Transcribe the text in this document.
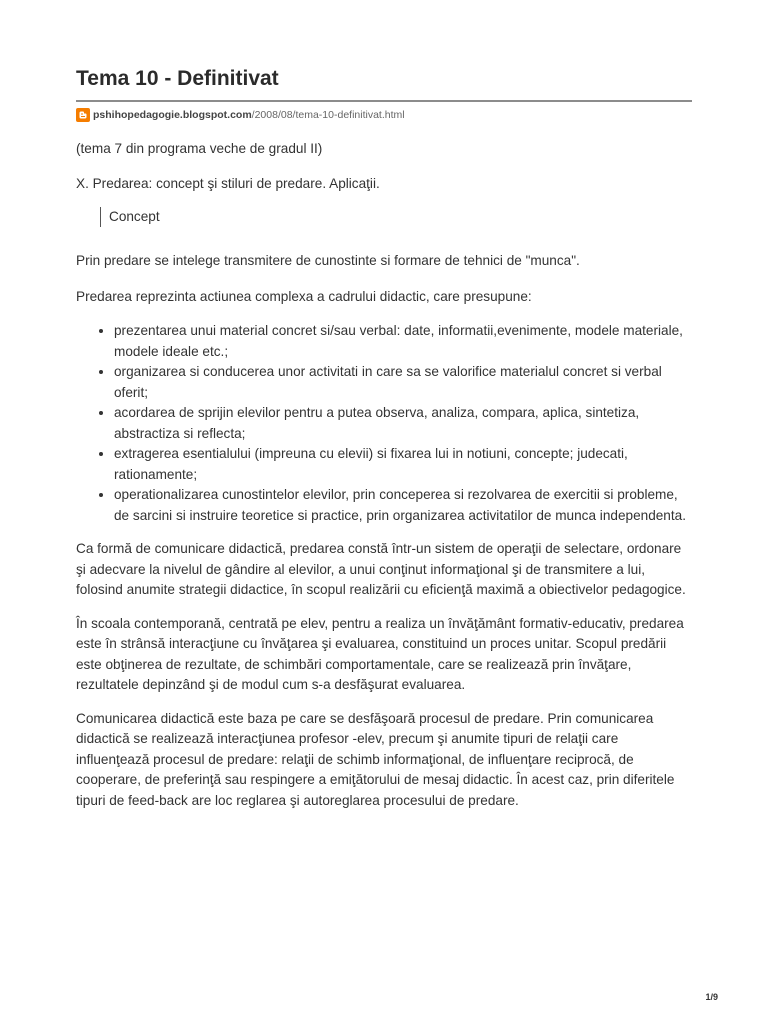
Tema 10 - Definitivat
pshihopedagogie.blogspot.com /2008/08/tema-10-definitivat.html

(tema 7 din programa veche de gradul II)

X. Predarea: concept şi stiluri de predare. Aplicaţii.

Concept

Prin predare se intelege transmitere de cunostinte si formare de tehnici de "munca".

Predarea reprezinta actiunea complexa a cadrului didactic, care presupune:

• prezentarea unui material concret si/sau verbal: date, informatii,evenimente, modele materiale, modele ideale etc.;
• organizarea si conducerea unor activitati in care sa se valorifice materialul concret si verbal oferit;
• acordarea de sprijin elevilor pentru a putea observa, analiza, compara, aplica, sintetiza, abstractiza si reflecta;
• extragerea esentialului (impreuna cu elevii) si fixarea lui in notiuni, concepte; judecati, rationamente;
• operationalizarea cunostintelor elevilor, prin conceperea si rezolvarea de exercitii si probleme, de sarcini si instruire teoretice si practice, prin organizarea activitatilor de munca independenta.

Ca formă de comunicare didactică, predarea constă într-un sistem de operaţii de selectare, ordonare şi adecvare la nivelul de gândire al elevilor, a unui conţinut informaţional şi de transmitere a lui, folosind anumite strategii didactice, în scopul realizării cu eficienţă maximă a obiectivelor pedagogice.

În scoala contemporană, centrată pe elev, pentru a realiza un învăţământ formativ-educativ, predarea este în strânsă interacţiune cu învăţarea şi evaluarea, constituind un proces unitar. Scopul predării este obţinerea de rezultate, de schimbări comportamentale, care se realizează prin învăţare, rezultatele depinzând şi de modul cum s-a desfăşurat evaluarea.

Comunicarea didactică este baza pe care se desfăşoară procesul de predare. Prin comunicarea didactică se realizează interacţiunea profesor -elev, precum şi anumite tipuri de relaţii care influenţează procesul de predare: relaţii de schimb informaţional, de influenţare reciprocă, de cooperare, de preferinţă sau respingere a emiţătorului de mesaj didactic. În acest caz, prin diferitele tipuri de feed-back are loc reglarea şi autoreglarea procesului de predare.

1/9
